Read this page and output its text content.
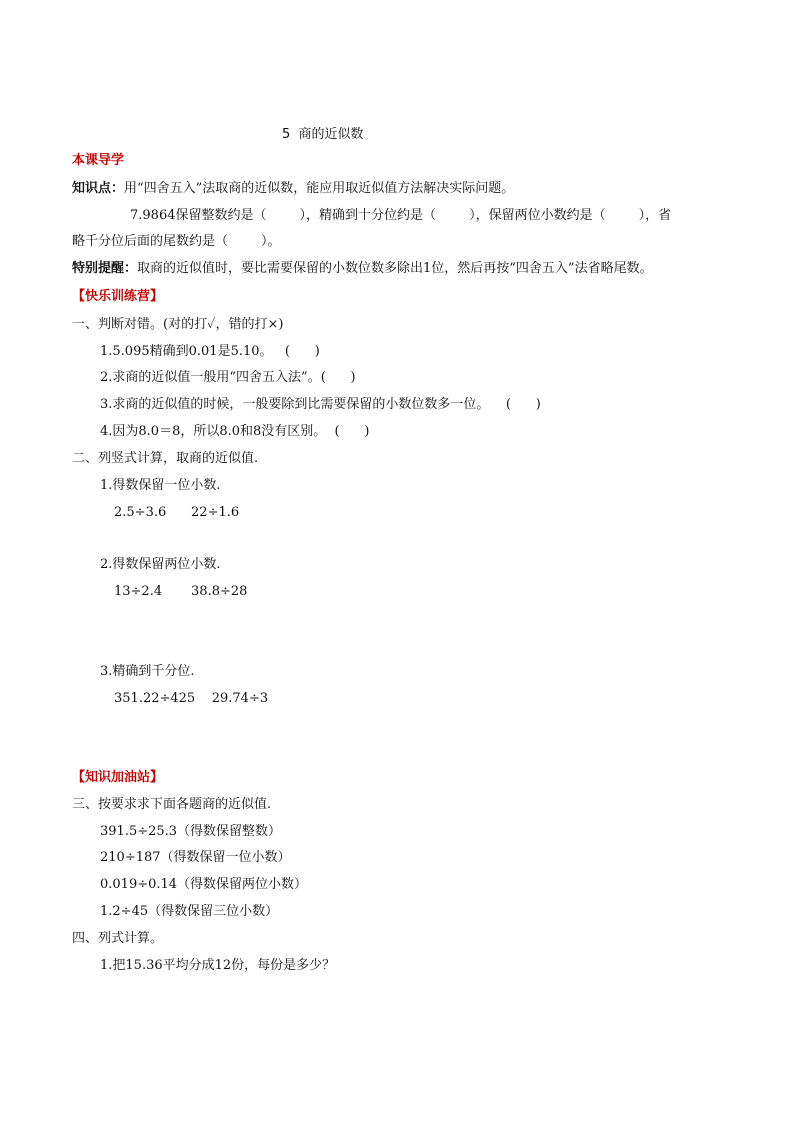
5  商的近似数
本课导学
知识点：用“四舍五入”法取商的近似数，能应用取近似值方法解决实际问题。
7.9864保留整数约是（        ），精确到十分位约是（        ），保留两位小数约是（        ），省
略千分位后面的尾数约是（        ）。
特别提醒：取商的近似值时，要比需要保留的小数位数多除出1位，然后再按“四舍五入”法省略尾数。
【快乐训练营】
一、判断对错。(对的打✓，错的打×)
1.5.095精确到0.01是5.10。   (      )
2.求商的近似值一般用“四舍五入法”。(      )
3.求商的近似值的时候，一般要除到比需要保留的小数位数多一位。    (      )
4.因为8.0＝8，所以8.0和8没有区别。  (      )
二、列竖式计算，取商的近似值.
1.得数保留一位小数.
2.5÷3.6      22÷1.6
2.得数保留两位小数.
13÷2.4       38.8÷28
3.精确到千分位.
351.22÷425    29.74÷3
【知识加油站】
三、按要求求下面各题商的近似值.
391.5÷25.3（得数保留整数）
210÷187（得数保留一位小数）
0.019÷0.14（得数保留两位小数）
1.2÷45（得数保留三位小数）
四、列式计算。
1.把15.36平均分成12份，每份是多少？
